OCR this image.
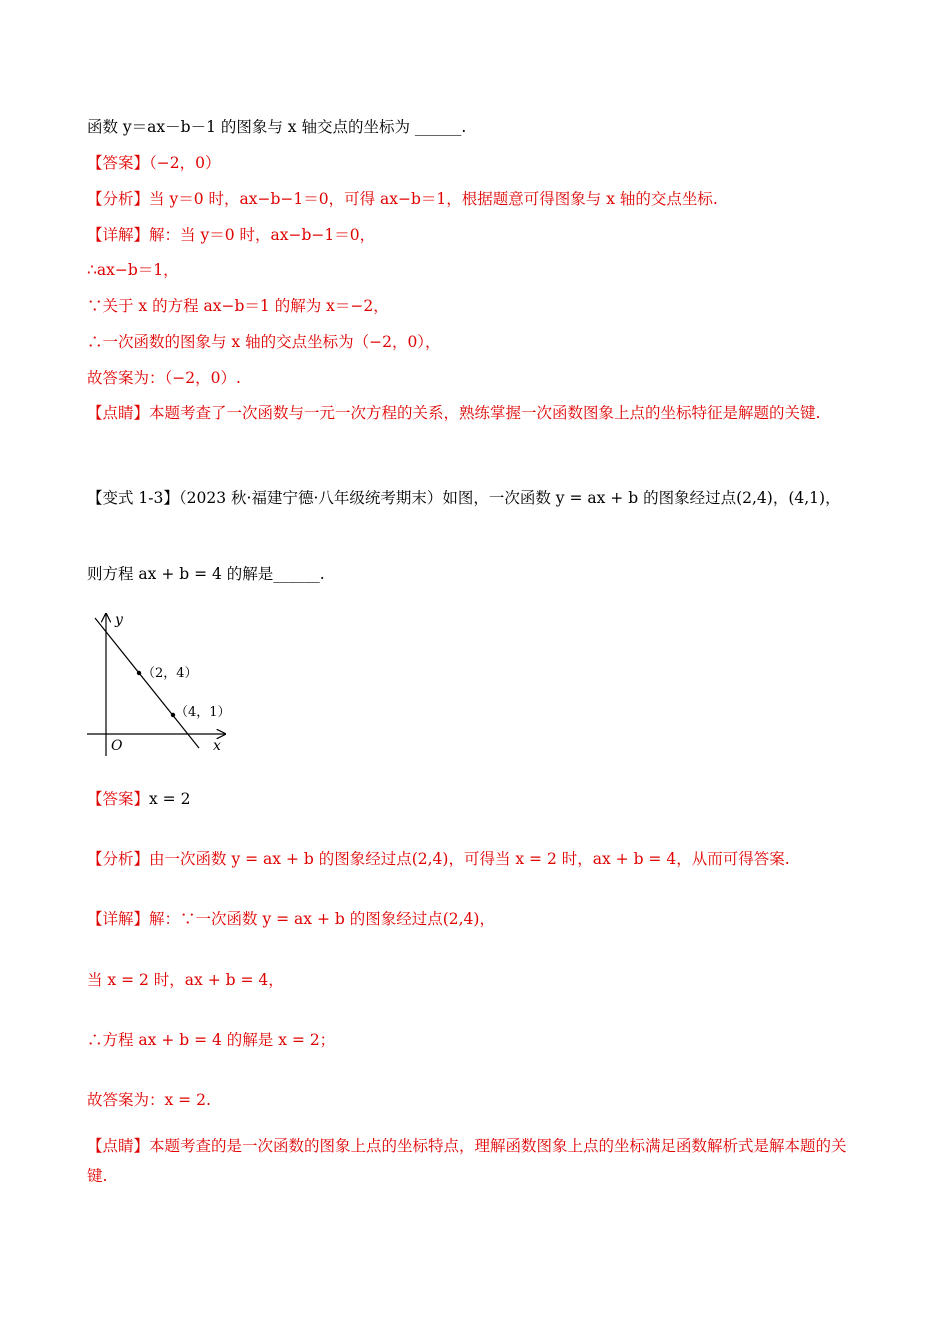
函数 y＝ax－b－1 的图象与 x 轴交点的坐标为 ______.
【答案】（−2，0）
【分析】当 y＝0 时，ax−b−1＝0，可得 ax−b＝1，根据题意可得图象与 x 轴的交点坐标.
【详解】解：当 y＝0 时，ax−b−1＝0，
∴ax−b＝1，
∵关于 x 的方程 ax−b＝1 的解为 x＝−2，
∴一次函数的图象与 x 轴的交点坐标为（−2，0），
故答案为：（−2，0）.
【点睛】本题考查了一次函数与一元一次方程的关系，熟练掌握一次函数图象上点的坐标特征是解题的关键.
【变式 1-3】（2023 秋·福建宁德·八年级统考期末）如图，一次函数 y = ax + b 的图象经过点(2,4)，(4,1)，
则方程 ax + b = 4 的解是______.
y
x
O
（2，4）
（4，1）
【答案】x = 2
【分析】由一次函数 y = ax + b 的图象经过点(2,4)，可得当 x = 2 时，ax + b = 4，从而可得答案.
【详解】解：∵一次函数 y = ax + b 的图象经过点(2,4)，
当 x = 2 时，ax + b = 4，
∴方程 ax + b = 4 的解是 x = 2；
故答案为：x = 2.
【点睛】本题考查的是一次函数的图象上点的坐标特点，理解函数图象上点的坐标满足函数解析式是解本题的关键.
